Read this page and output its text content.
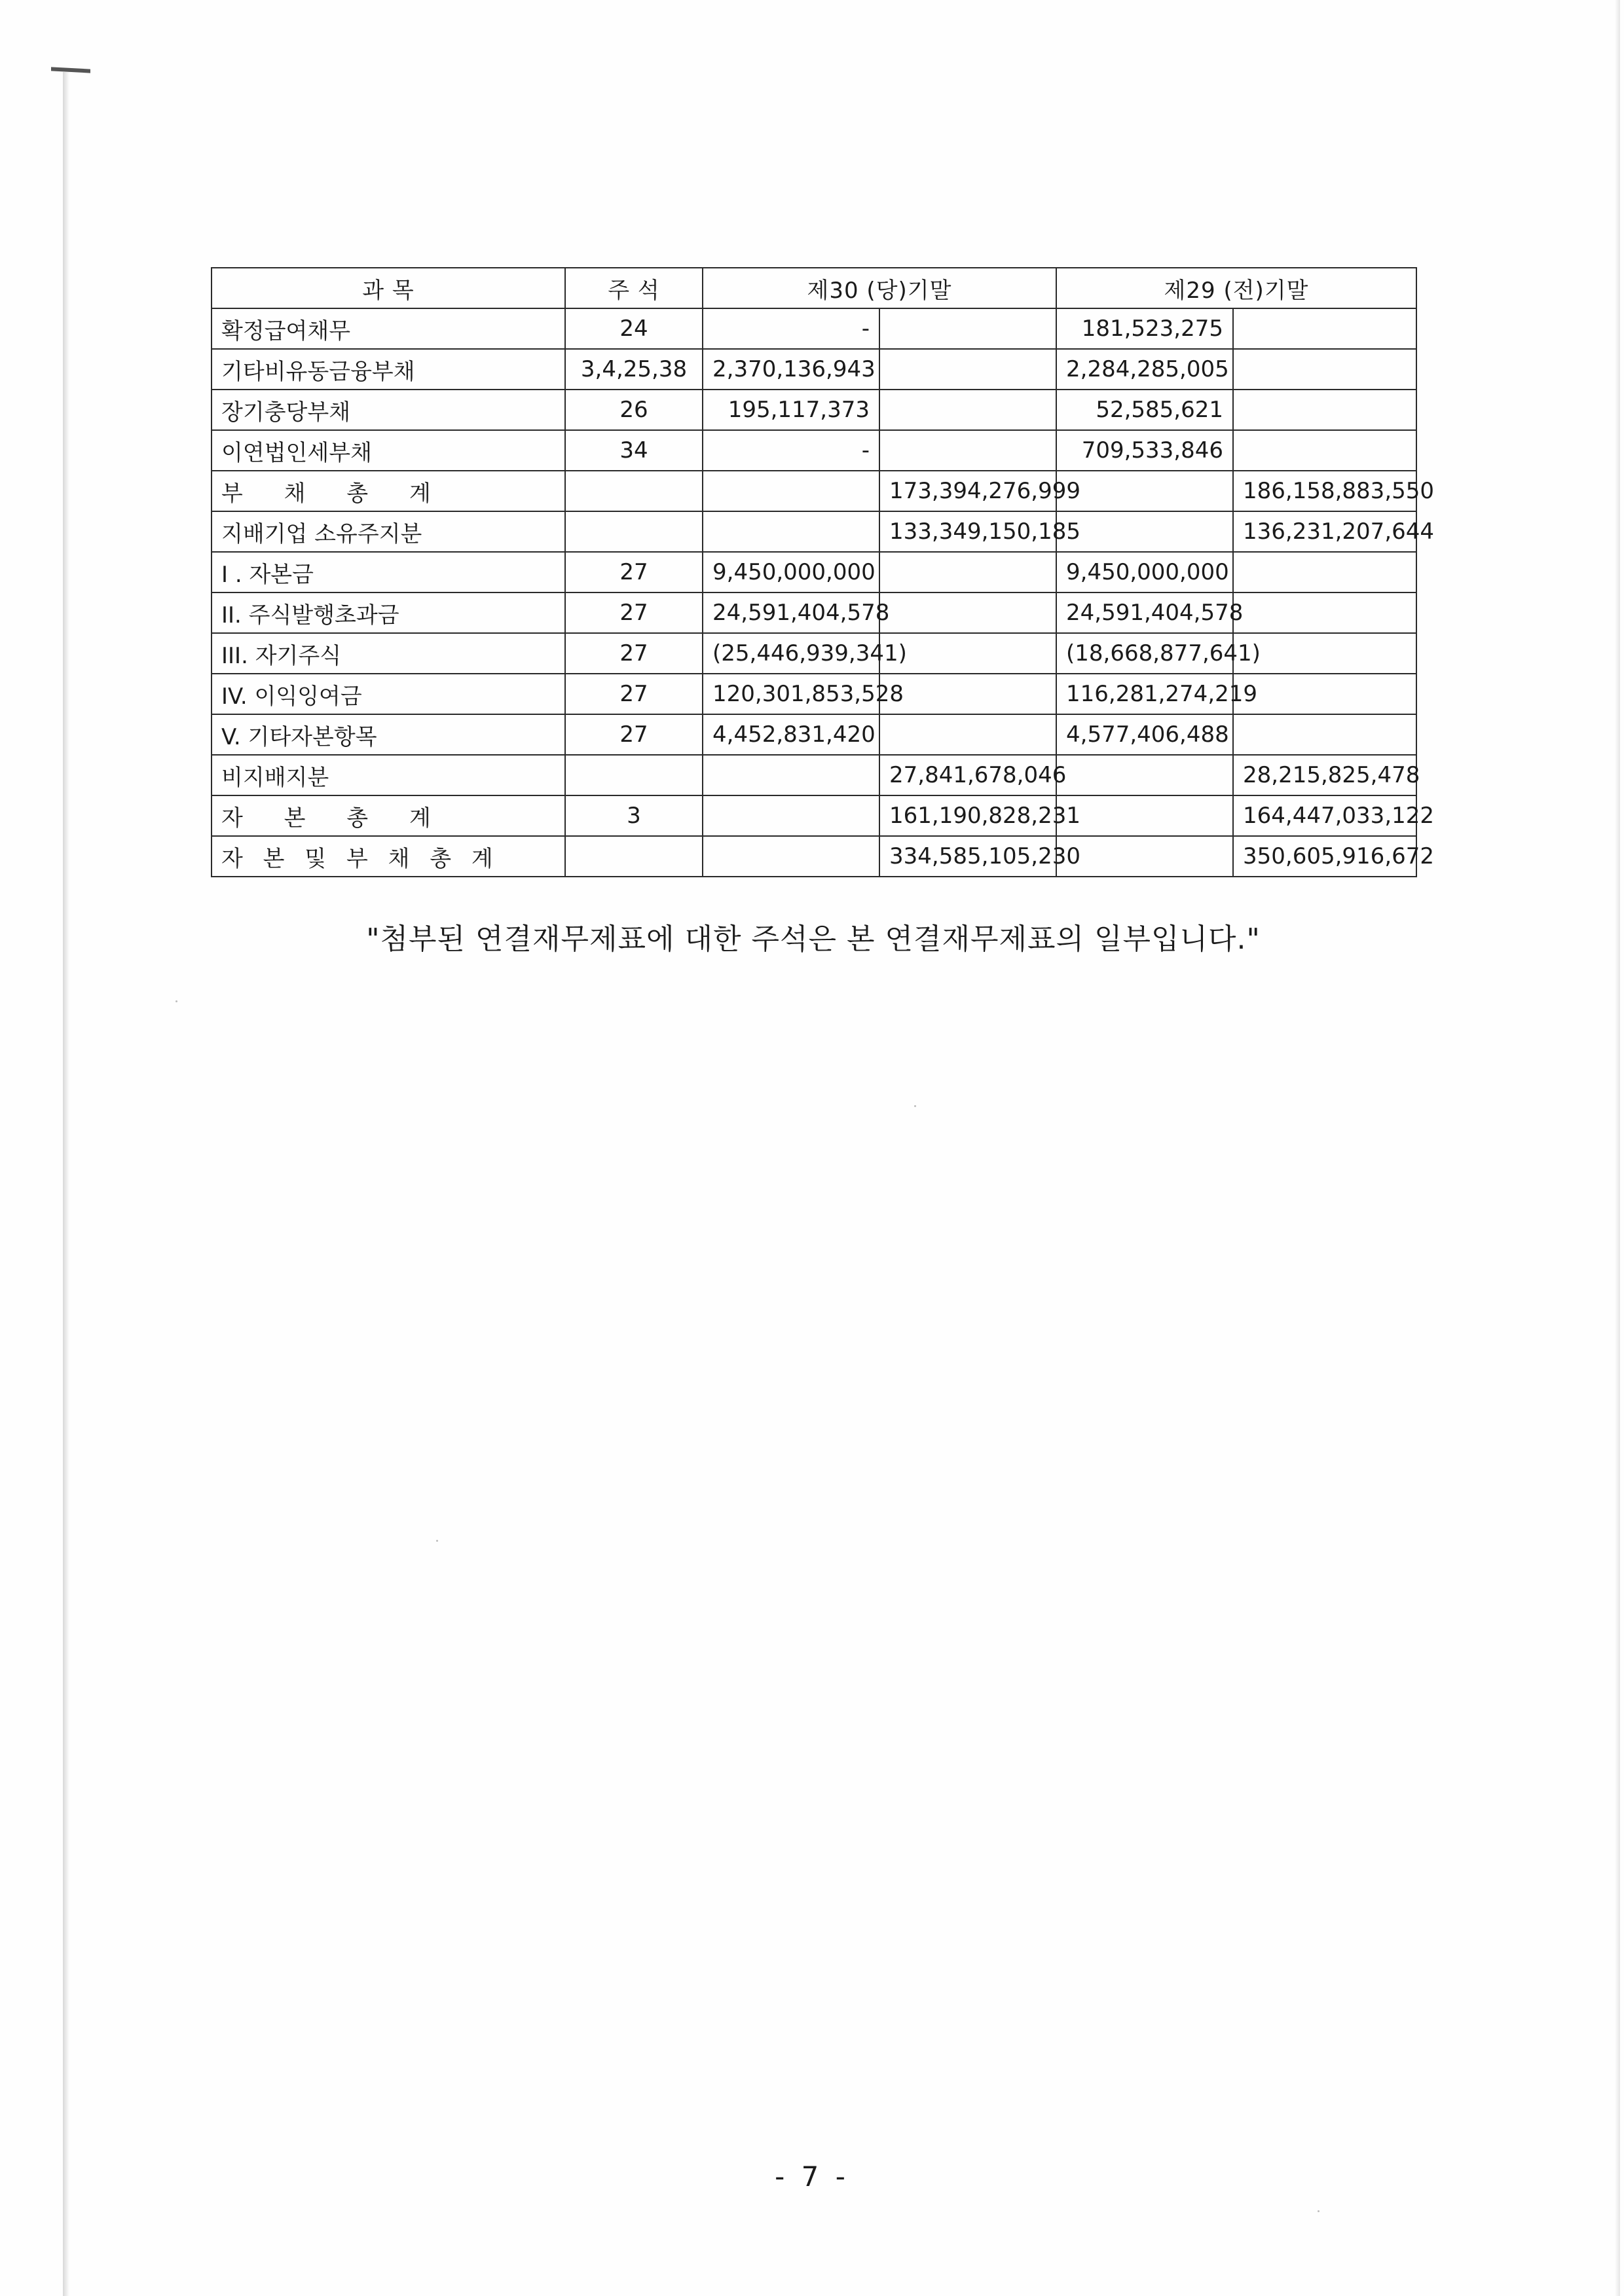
과 목	주 석	제30 (당)기말		제29 (전)기말	
확정급여채무	24	-		181,523,275	
기타비유동금융부채	3,4,25,38	2,370,136,943		2,284,285,005	
장기충당부채	26	195,117,373		52,585,621	
이연법인세부채	34	-		709,533,846	
부 채 총 계			173,394,276,999		186,158,883,550
지배기업 소유주지분			133,349,150,185		136,231,207,644
I . 자본금	27	9,450,000,000		9,450,000,000	
II. 주식발행초과금	27	24,591,404,578		24,591,404,578	
III. 자기주식	27	(25,446,939,341)		(18,668,877,641)	
IV. 이익잉여금	27	120,301,853,528		116,281,274,219	
V. 기타자본항목	27	4,452,831,420		4,577,406,488	
비지배지분			27,841,678,046		28,215,825,478
자 본 총 계	3		161,190,828,231		164,447,033,122
자 본 및 부 채 총 계			334,585,105,230		350,605,916,672
"첨부된 연결재무제표에 대한 주석은 본 연결재무제표의 일부입니다."
- 7 -
